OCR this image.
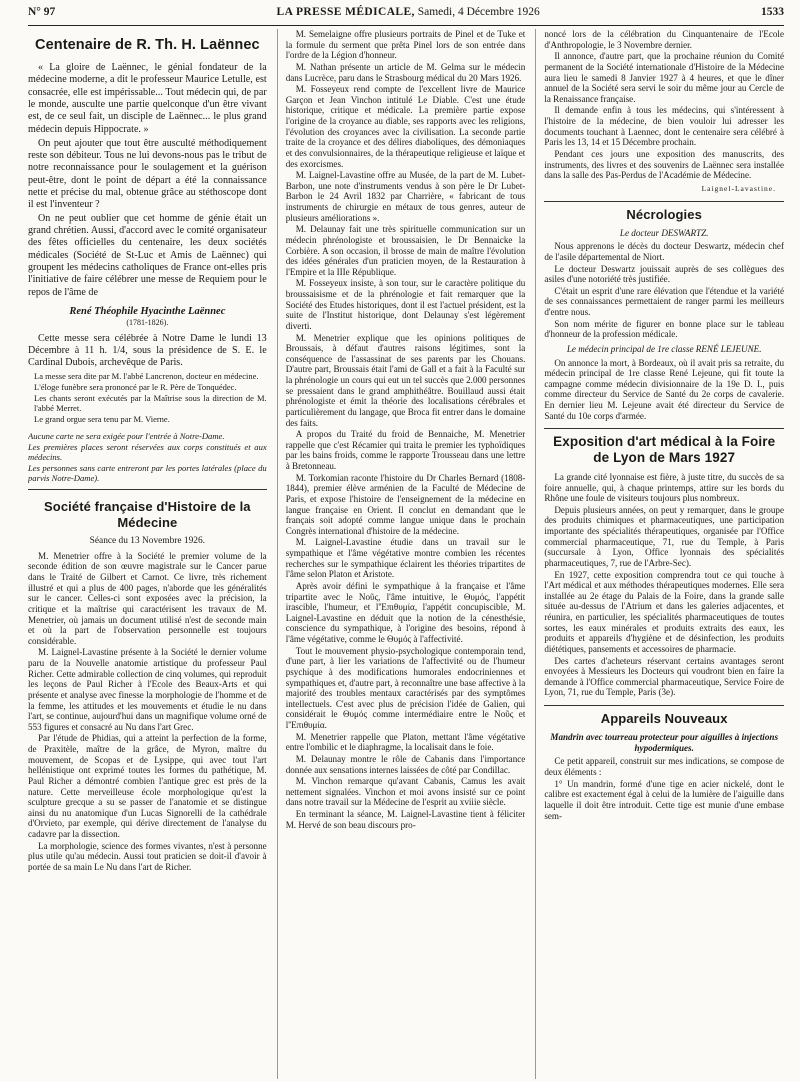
N° 97	LA PRESSE MÉDICALE, Samedi, 4 Décembre 1926	1533
Centenaire de R. Th. H. Laënnec

« La gloire de Laënnec, le génial fondateur de la médecine moderne, a dit le professeur Maurice Letulle, est consacrée, elle est impérissable... Tout médecin qui, de par le monde, ausculte une partie quelconque d'un être vivant est, de ce seul fait, un disciple de Laënnec... le plus grand médecin depuis Hippocrate. »

On peut ajouter que tout être ausculté méthodiquement reste son débiteur. Tous ne lui devons-nous pas le tribut de notre reconnaissance pour le soulagement et la guérison peut-être, dont le point de départ a été la connaissance nette et précise du mal, obtenue grâce au stéthoscope dont il est l'inventeur ?

On ne peut oublier que cet homme de génie était un grand chrétien. Aussi, d'accord avec le comité organisateur des fêtes officielles du centenaire, les deux sociétés médicales (Société de St-Luc et Amis de Laënnec) qui groupent les médecins catholiques de France ont-elles pris l'initiative de faire célébrer une messe de Requiem pour le repos de l'âme de

René Théophile Hyacinthe Laënnec
(1781-1826).

Cette messe sera célébrée à Notre Dame le lundi 13 Décembre à 11 h. 1/4, sous la présidence de S. E. le Cardinal Dubois, archevêque de Paris.

La messe sera dite par M. l'abbé Lancrenon, docteur en médecine.

L'éloge funèbre sera prononcé par le R. Père de Tonquédec.

Les chants seront exécutés par la Maîtrise sous la direction de M. l'abbé Merret.

Le grand orgue sera tenu par M. Vierne.

Aucune carte ne sera exigée pour l'entrée à Notre-Dame.

Les premières places seront réservées aux corps constitués et aux médecins.

Les personnes sans carte entreront par les portes latérales (place du parvis Notre-Dame).

Société française d'Histoire de la Médecine
Séance du 13 Novembre 1926.

M. Menetrier offre à la Société le premier volume de la seconde édition de son œuvre magistrale sur le Cancer parue dans le Traité de Gilbert et Carnot. Ce livre, très richement illustré et qui a plus de 400 pages, n'aborde que les généralités sur le cancer. Celles-ci sont exposées avec la précision, la critique et la maîtrise qui caractérisent les travaux de M. Menetrier, où jamais un document utilisé n'est de seconde main et où la part de l'observation personnelle est toujours considérable.

M. Laignel-Lavastine présente à la Société le dernier volume paru de la Nouvelle anatomie artistique du professeur Paul Richer. Cette admirable collection de cinq volumes, qui reproduit les leçons de Paul Richer à l'Ecole des Beaux-Arts et qui présente et analyse avec finesse la morphologie de l'homme et de la femme, les attitudes et les mouvements et étudie le nu dans l'art, se continue, aujourd'hui dans un magnifique volume orné de 553 figures et consacré au Nu dans l'art Grec.

Par l'étude de Phidias, qui a atteint la perfection de la forme, de Praxitèle, maître de la grâce, de Myron, maître du mouvement, de Scopas et de Lysippe, qui avec tout l'art hellénistique ont exprimé toutes les formes du pathétique, M. Paul Richer a démontré combien l'antique grec est près de la nature. Cette merveilleuse école morphologique qu'est la sculpture grecque a su se passer de l'anatomie et se distingue ainsi du nu anatomique d'un Lucas Signorelli de la cathédrale d'Orvieto, par exemple, qui dérive directement de l'analyse du cadavre par la dissection.

La morphologie, science des formes vivantes, n'est à personne plus utile qu'au médecin. Aussi tout praticien se doit-il d'avoir à portée de sa main Le Nu dans l'art de Richer.

M. Semelaigne offre plusieurs portraits de Pinel et de Tuke et la formule du serment que prêta Pinel lors de son entrée dans l'ordre de la Légion d'honneur.

M. Nathan présente un article de M. Gelma sur le médecin dans Lucrèce, paru dans le Strasbourg médical du 20 Mars 1926.

M. Fosseyeux rend compte de l'excellent livre de Maurice Garçon et Jean Vinchon intitulé Le Diable. C'est une étude historique, critique et médicale. La première partie expose l'origine de la croyance au diable, ses rapports avec les religions, l'évolution des croyances avec la civilisation. La seconde partie traite de la croyance et des délires diaboliques, des démoniaques et des convulsionnaires, de la thérapeutique religieuse et laïque et des exorcismes.

M. Laignel-Lavastine offre au Musée, de la part de M. Lubet-Barbon, une note d'instruments vendus à son père le Dr Lubet-Barbon le 24 Avril 1832 par Charrière, « fabricant de tous instruments de chirurgie en métaux de tous genres, auteur de plusieurs améliorations ».

M. Delaunay fait une très spirituelle communication sur un médecin phrénologiste et broussaisien, le Dr Bennaicke la Corbière. A son occasion, il brosse de main de maître l'évolution des idées générales d'un praticien moyen, de la Restauration à l'Empire et la IIIe République.

M. Fosseyeux insiste, à son tour, sur le caractère politique du broussaisisme et de la phrénologie et fait remarquer que la Société des Etudes historiques, dont il est l'actuel président, est la suite de l'Institut historique, dont Delaunay s'est légèrement diverti.

M. Menetrier explique que les opinions politiques de Broussais, à défaut d'autres raisons légitimes, sont la conséquence de l'assassinat de ses parents par les Chouans. D'autre part, Broussais était l'ami de Gall et a fait à la Faculté sur la phrénologie un cours qui eut un tel succès que 2.000 personnes se pressaient dans le grand amphithéâtre. Bouillaud aussi était phrénologiste et émit la théorie des localisations cérébrales et particulièrement du langage, que Broca fit entrer dans le domaine des faits.

A propos du Traité du froid de Bennaiche, M. Menetrier rappelle que c'est Récamier qui traita le premier les typhoïdiques par les bains froids, comme le rapporte Trousseau dans une lettre à Bretonneau.

M. Torkomian raconte l'histoire du Dr Charles Bernard (1808-1844), premier élève arménien de la Faculté de Médecine de Paris, et expose l'histoire de l'enseignement de la médecine en langue française en Orient. Il conclut en demandant que le français soit adopté comme langue unique dans le prochain Congrès international d'histoire de la médecine.

M. Laignel-Lavastine étudie dans un travail sur le sympathique et l'âme végétative montre combien les récentes recherches sur le sympathique éclairent les théories tripartites de l'âme selon Platon et Aristote.

Après avoir défini le sympathique à la française et l'âme tripartite avec le Νοῦς, l'âme intuitive, le Θυμός, l'appétit irascible, l'humeur, et l'Ἐπιθυμία, l'appétit concupiscible, M. Laignel-Lavastine en déduit que la notion de la cénesthésie, conscience du sympathique, à l'origine des besoins, répond à l'âme végétative, comme le Θυμός à l'affectivité.

Tout le mouvement physio-psychologique contemporain tend, d'une part, à lier les variations de l'affectivité ou de l'humeur psychique à des modifications humorales endocriniennes et sympathiques et, d'autre part, à reconnaître une base affective à la majorité des troubles mentaux caractérisés par des symptômes intellectuels. C'est avec plus de précision l'idée de Galien, qui considérait le Θυμός comme intermédiaire entre le Νοῦς et l'Ἐπιθυμία.

M. Menetrier rappelle que Platon, mettant l'âme végétative entre l'ombilic et le diaphragme, la localisait dans le foie.

M. Delaunay montre le rôle de Cabanis dans l'importance donnée aux sensations internes laissées de côté par Condillac.

M. Vinchon remarque qu'avant Cabanis, Camus les avait nettement signalées. Vinchon et moi avons insisté sur ce point dans notre travail sur la Médecine de l'esprit au xviiie siècle.

En terminant la séance, M. Laignel-Lavastine tient à féliciter M. Hervé de son beau discours pro-

noncé lors de la célébration du Cinquantenaire de l'Ecole d'Anthropologie, le 3 Novembre dernier.

Il annonce, d'autre part, que la prochaine réunion du Comité permanent de la Société internationale d'Histoire de la Médecine aura lieu le samedi 8 Janvier 1927 à 4 heures, et que le dîner annuel de la Société sera servi le soir du même jour au Cercle de la Renaissance française.

Il demande enfin à tous les médecins, qui s'intéressent à l'histoire de la médecine, de bien vouloir lui adresser les documents touchant à Laennec, dont le centenaire sera célébré à Paris les 13, 14 et 15 Décembre prochain.

Pendant ces jours une exposition des manuscrits, des instruments, des livres et des souvenirs de Laënnec sera installée dans la salle des Pas-Perdus de l'Académie de Médecine.

Laignel-Lavastine.
Nécrologies
Le docteur DESWARTZ.

Nous apprenons le décès du docteur Deswartz, médecin chef de l'asile départemental de Niort.

Le docteur Deswartz jouissait auprès de ses collègues des asiles d'une notoriété très justifiée.

C'était un esprit d'une rare élévation que l'étendue et la variété de ses connaissances permettaient de ranger parmi les meilleurs d'entre nous.

Son nom mérite de figurer en bonne place sur le tableau d'honneur de la profession médicale.

Le médecin principal de 1re classe RENÉ LEJEUNE.

On annonce la mort, à Bordeaux, où il avait pris sa retraite, du médecin principal de 1re classe René Lejeune, qui fit toute la campagne comme médecin divisionnaire de la 19e D. I., puis comme directeur du Service de Santé du 2e corps de cavalerie. En dernier lieu M. Lejeune avait été directeur du Service de Santé du 10e corps d'armée.

Exposition d'art médical à la Foire de Lyon de Mars 1927

La grande cité lyonnaise est fière, à juste titre, du succès de sa foire annuelle, qui, à chaque printemps, attire sur les bords du Rhône une foule de visiteurs toujours plus nombreux.

Depuis plusieurs années, on peut y remarquer, dans le groupe des produits chimiques et pharmaceutiques, une participation importante des spécialités thérapeutiques, organisée par l'Office commercial pharmaceutique, 71, rue du Temple, à Paris (succursale à Lyon, Office lyonnais des spécialités pharmaceutiques, 7, rue de l'Arbre-Sec).

En 1927, cette exposition comprendra tout ce qui touche à l'Art médical et aux méthodes thérapeutiques modernes. Elle sera installée au 2e étage du Palais de la Foire, dans la grande salle située au-dessus de l'Atrium et dans les galeries adjacentes, et réunira, en particulier, les spécialités pharmaceutiques de toutes sortes, les eaux minérales et produits extraits des eaux, les produits et appareils d'hygiène et de désinfection, les produits diététiques, pansements et accessoires de pharmacie.

Des cartes d'acheteurs réservant certains avantages seront envoyées à Messieurs les Docteurs qui voudront bien en faire la demande à l'Office commercial pharmaceutique, Service Foire de Lyon, 71, rue du Temple, Paris (3e).

Appareils Nouveaux
Mandrin avec tourreau protecteur pour aiguilles à injections hypodermiques.

Ce petit appareil, construit sur mes indications, se compose de deux éléments :

1° Un mandrin, formé d'une tige en acier nickelé, dont le calibre est exactement égal à celui de la lumière de l'aiguille dans laquelle il doit être introduit. Cette tige est munie d'une embase sem-
